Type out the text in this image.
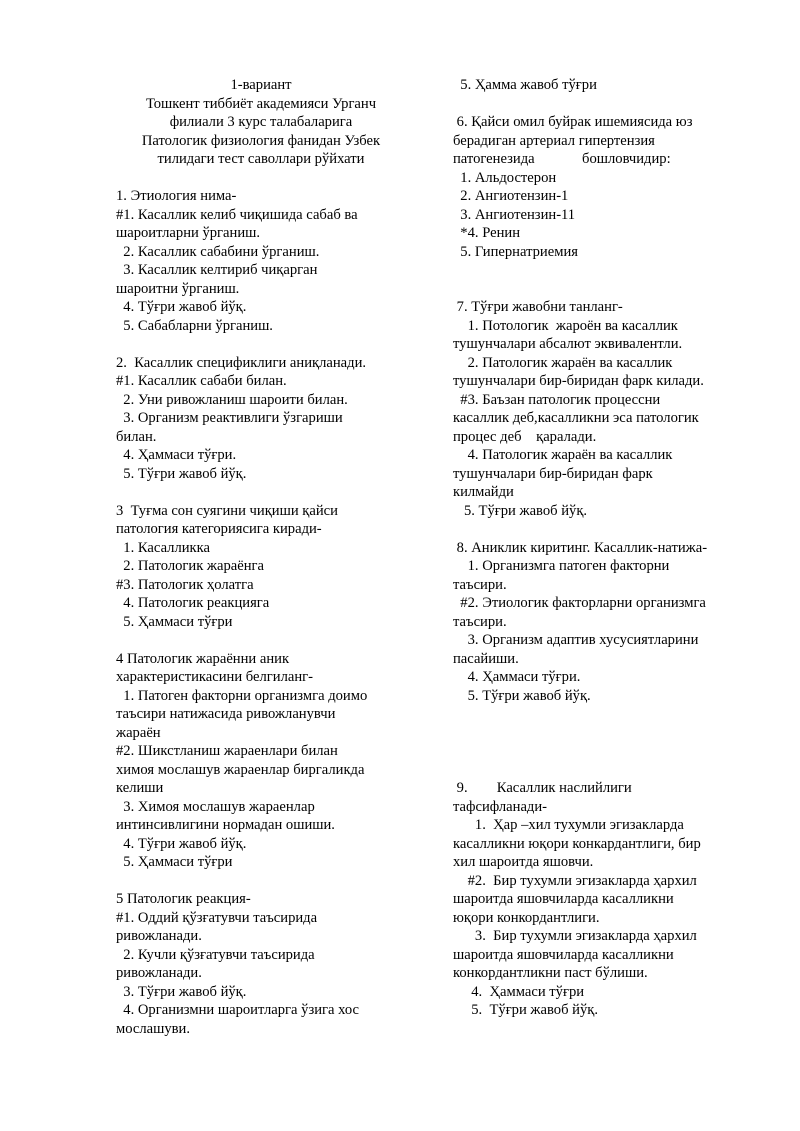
1-вариант
Тошкент тиббиёт академияси Урганч
филиали 3 курс талабаларига
Патологик физиология фанидан Узбек
тилидаги тест саволлари рўйхати
1. Этиология нима-
#1. Касаллик келиб чиқишида сабаб ва
шароитларни ўрганиш.
2. Касаллик сабабини ўрганиш.
3. Касаллик келтириб чиқарган
шароитни ўрганиш.
4. Тўғри жавоб йўқ.
5. Сабабларни ўрганиш.
2.  Касаллик спецификлиги аниқланади.
#1. Касаллик сабаби билан.
2. Уни ривожланиш шароити билан.
3. Организм реактивлиги ўзгариши
билан.
4. Ҳаммаси тўғри.
5. Тўғри жавоб йўқ.
3  Туғма сон суягини чиқиши қайси
патология категориясига киради-
1. Касалликка
2. Патологик жараёнга
#3. Патологик ҳолатга
4. Патологик реакцияга
5. Ҳаммаси тўғри
4 Патологик жараённи аник
характеристикасини белгиланг-
1. Патоген факторни организмга доимо
таъсири натижасида ривожланувчи
жараён
#2. Шикстланиш жараенлари билан
химоя мослашув жараенлар биргаликда
келиши
3. Химоя мослашув жараенлар
интинсивлигини нормадан ошиши.
4. Тўғри жавоб йўқ.
5. Ҳаммаси тўғри
5 Патологик реакция-
#1. Оддий қўзғатувчи таъсирида
ривожланади.
2. Кучли қўзғатувчи таъсирида
ривожланади.
3. Тўғри жавоб йўқ.
4. Организмни шароитларга ўзига хос
мослашуви.
5. Ҳамма жавоб тўғри
6. Қайси омил буйрак ишемиясида юз
берадиган артериал гипертензия
патогенезида             бошловчидир:
1. Альдостерон
2. Ангиотензин-1
3. Ангиотензин-11
*4. Ренин
5. Гипернатриемия
7. Тўғри жавобни танланг-
1. Потологик  жароён ва касаллик
тушунчалари абсалют эквивалентли.
2. Патологик жараён ва касаллик
тушунчалари бир-биридан фарк килади.
#3. Баъзан патологик процессни
касаллик деб,касалликни эса патологик
процес деб    қаралади.
4. Патологик жараён ва касаллик
тушунчалари бир-биридан фарк
килмайди
5. Тўғри жавоб йўқ.
8. Аниклик киритинг. Касаллик-натижа-
1. Организмга патоген факторни
таъсири.
#2. Этиологик факторларни организмга
таъсири.
3. Организм адаптив хусусиятларини
пасайиши.
4. Ҳаммаси тўғри.
5. Тўғри жавоб йўқ.
9.        Касаллик наслийлиги
тафсифланади-
1.  Ҳар –хил тухумли эгизакларда
касалликни юқори конкардантлиги, бир
хил шароитда яшовчи.
#2.  Бир тухумли эгизакларда ҳархил
шароитда яшовчиларда касалликни
юқори конкордантлиги.
3.  Бир тухумли эгизакларда ҳархил
шароитда яшовчиларда касалликни
конкордантликни паст бўлиши.
4.  Ҳаммаси тўғри
5.  Тўғри жавоб йўқ.
